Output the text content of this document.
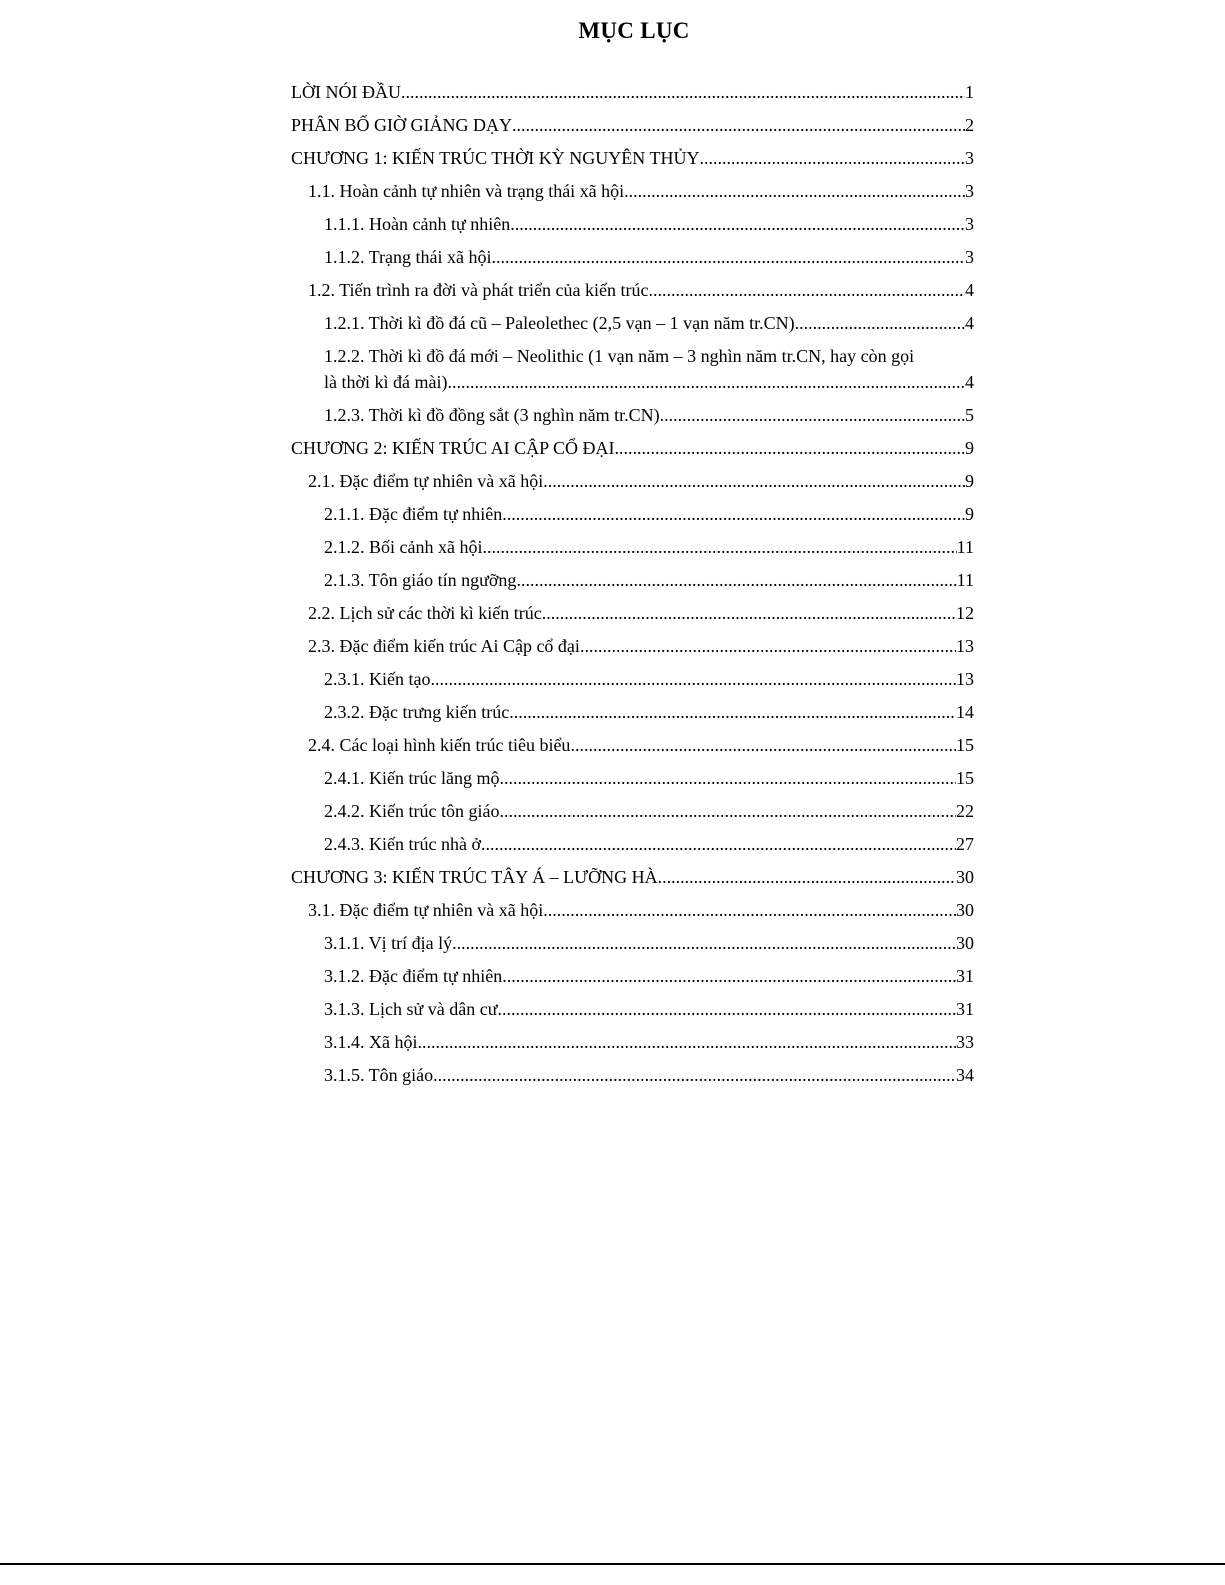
MỤC LỤC
LỜI NÓI ĐẦU .....	1
PHÂN BỐ GIỜ GIẢNG DẠY .....	2
CHƯƠNG 1: KIẾN TRÚC THỜI KỲ NGUYÊN THỦY .....	3
1.1. Hoàn cảnh tự nhiên và trạng thái xã hội .....	3
1.1.1. Hoàn cảnh tự nhiên .....	3
1.1.2. Trạng thái xã hội .....	3
1.2. Tiến trình ra đời và phát triển của kiến trúc .....	4
1.2.1. Thời kì đồ đá cũ – Paleolethec (2,5 vạn – 1 vạn năm tr.CN) .....	4
1.2.2. Thời kì đồ đá mới – Neolithic (1 vạn năm – 3 nghìn năm tr.CN, hay còn gọi
là thời kì đá mài) .....	4
1.2.3. Thời kì đồ đồng sắt (3 nghìn năm tr.CN) .....	5
CHƯƠNG 2: KIẾN TRÚC AI CẬP CỔ ĐẠI .....	9
2.1. Đặc điểm tự nhiên và xã hội .....	9
2.1.1. Đặc điểm tự nhiên .....	9
2.1.2. Bối cảnh xã hội .....	11
2.1.3. Tôn giáo tín ngưỡng .....	11
2.2. Lịch sử các thời kì kiến trúc .....	12
2.3. Đặc điểm kiến trúc Ai Cập cổ đại .....	13
2.3.1. Kiến tạo .....	13
2.3.2. Đặc trưng kiến trúc .....	14
2.4. Các loại hình kiến trúc tiêu biểu .....	15
2.4.1. Kiến trúc lăng mộ .....	15
2.4.2. Kiến trúc tôn giáo .....	22
2.4.3. Kiến trúc nhà ở .....	27
CHƯƠNG 3: KIẾN TRÚC TÂY Á – LƯỠNG HÀ .....	30
3.1. Đặc điểm tự nhiên và xã hội .....	30
3.1.1. Vị trí địa lý .....	30
3.1.2. Đặc điểm tự nhiên .....	31
3.1.3. Lịch sử và dân cư .....	31
3.1.4. Xã hội .....	33
3.1.5. Tôn giáo .....	34
